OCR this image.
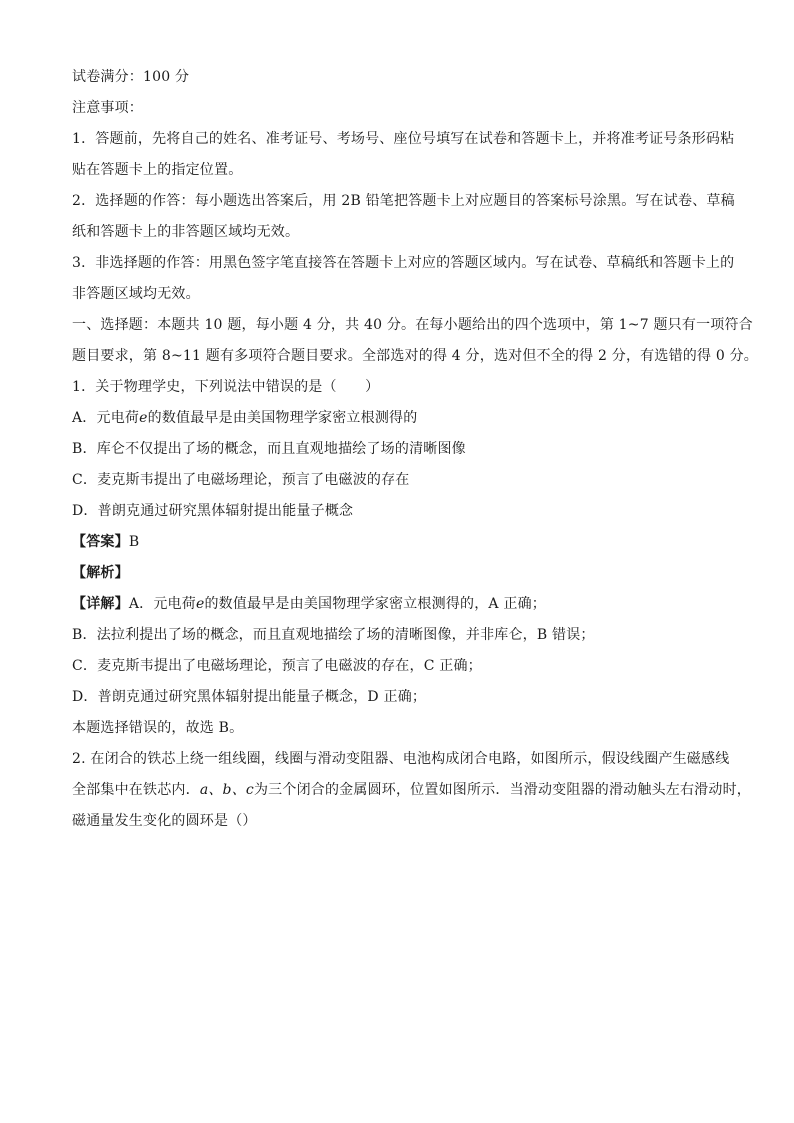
试卷满分：100 分
注意事项：
1．答题前，先将自己的姓名、准考证号、考场号、座位号填写在试卷和答题卡上，并将准考证号条形码粘
贴在答题卡上的指定位置。
2．选择题的作答：每小题选出答案后，用 2B 铅笔把答题卡上对应题目的答案标号涂黑。写在试卷、草稿
纸和答题卡上的非答题区域均无效。
3．非选择题的作答：用黑色签字笔直接答在答题卡上对应的答题区域内。写在试卷、草稿纸和答题卡上的
非答题区域均无效。
一、选择题：本题共 10 题，每小题 4 分，共 40 分。在每小题给出的四个选项中，第 1~7 题只有一项符合
题目要求，第 8~11 题有多项符合题目要求。全部选对的得 4 分，选对但不全的得 2 分，有选错的得 0 分。
1．关于物理学史，下列说法中错误的是（　　）
A．元电荷e的数值最早是由美国物理学家密立根测得的
B．库仑不仅提出了场的概念，而且直观地描绘了场的清晰图像
C．麦克斯韦提出了电磁场理论，预言了电磁波的存在
D．普朗克通过研究黑体辐射提出能量子概念
【答案】B
【解析】
【详解】A．元电荷e的数值最早是由美国物理学家密立根测得的，A 正确；
B．法拉利提出了场的概念，而且直观地描绘了场的清晰图像，并非库仑，B 错误；
C．麦克斯韦提出了电磁场理论，预言了电磁波的存在，C 正确；
D．普朗克通过研究黑体辐射提出能量子概念，D 正确；
本题选择错误的，故选 B。
2. 在闭合的铁芯上绕一组线圈，线圈与滑动变阻器、电池构成闭合电路，如图所示，假设线圈产生磁感线
全部集中在铁芯内．a、b、c为三个闭合的金属圆环，位置如图所示．当滑动变阻器的滑动触头左右滑动时，
磁通量发生变化的圆环是（）
